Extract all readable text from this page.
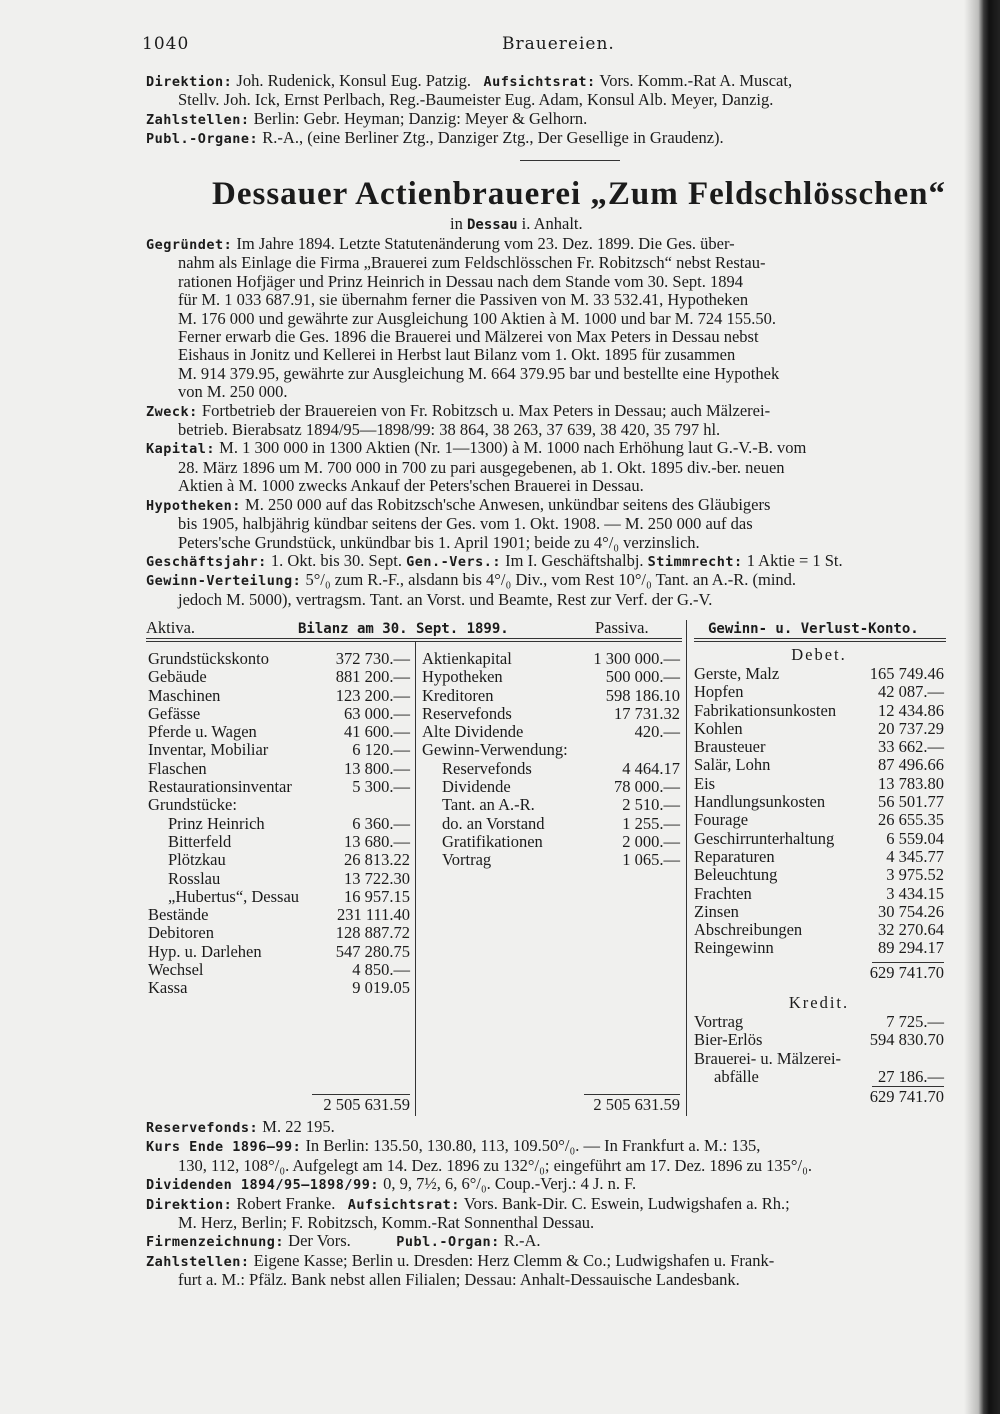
1040	Brauereien.

Direktion: Joh. Rudenick, Konsul Eug. Patzig. Aufsichtsrat: Vors. Komm.-Rat A. Muscat,

Stellv. Joh. Ick, Ernst Perlbach, Reg.-Baumeister Eug. Adam, Konsul Alb. Meyer, Danzig.

Zahlstellen: Berlin: Gebr. Heyman; Danzig: Meyer & Gelhorn.

Publ.-Organe: R.-A., (eine Berliner Ztg., Danziger Ztg., Der Gesellige in Graudenz).

Dessauer Actienbrauerei „Zum Feldschlösschen“
in Dessau i. Anhalt.

Gegründet: Im Jahre 1894. Letzte Statutenänderung vom 23. Dez. 1899. Die Ges. über-

nahm als Einlage die Firma „Brauerei zum Feldschlösschen Fr. Robitzsch“ nebst Restau-

rationen Hofjäger und Prinz Heinrich in Dessau nach dem Stande vom 30. Sept. 1894

für M. 1 033 687.91, sie übernahm ferner die Passiven von M. 33 532.41, Hypotheken

M. 176 000 und gewährte zur Ausgleichung 100 Aktien à M. 1000 und bar M. 724 155.50.

Ferner erwarb die Ges. 1896 die Brauerei und Mälzerei von Max Peters in Dessau nebst

Eishaus in Jonitz und Kellerei in Herbst laut Bilanz vom 1. Okt. 1895 für zusammen

M. 914 379.95, gewährte zur Ausgleichung M. 664 379.95 bar und bestellte eine Hypothek

von M. 250 000.

Zweck: Fortbetrieb der Brauereien von Fr. Robitzsch u. Max Peters in Dessau; auch Mälzerei-

betrieb. Bierabsatz 1894/95—1898/99: 38 864, 38 263, 37 639, 38 420, 35 797 hl.

Kapital: M. 1 300 000 in 1300 Aktien (Nr. 1—1300) à M. 1000 nach Erhöhung laut G.-V.-B. vom

28. März 1896 um M. 700 000 in 700 zu pari ausgegebenen, ab 1. Okt. 1895 div.-ber. neuen

Aktien à M. 1000 zwecks Ankauf der Peters'schen Brauerei in Dessau.

Hypotheken: M. 250 000 auf das Robitzsch'sche Anwesen, unkündbar seitens des Gläubigers

bis 1905, halbjährig kündbar seitens der Ges. vom 1. Okt. 1908. — M. 250 000 auf das

Peters'sche Grundstück, unkündbar bis 1. April 1901; beide zu 4°/₀ verzinslich.

Geschäftsjahr: 1. Okt. bis 30. Sept. Gen.-Vers.: Im I. Geschäftshalbj. Stimmrecht: 1 Aktie = 1 St.

Gewinn-Verteilung: 5°/₀ zum R.-F., alsdann bis 4°/₀ Div., vom Rest 10°/₀ Tant. an A.-R. (mind.

jedoch M. 5000), vertragsm. Tant. an Vorst. und Beamte, Rest zur Verf. der G.-V.

Aktiva.	Bilanz am 30. Sept. 1899.	Passiva.	Gewinn- u. Verlust-Konto.
Grundstückskonto	372 730.—
Gebäude	881 200.—
Maschinen	123 200.—
Gefässe	63 000.—
Pferde u. Wagen	41 600.—
Inventar, Mobiliar	6 120.—
Flaschen	13 800.—
Restaurationsinventar	5 300.—
Grundstücke:
Prinz Heinrich	6 360.—
Bitterfeld	13 680.—
Plötzkau	26 813.22
Rosslau	13 722.30
„Hubertus“, Dessau	16 957.15
Bestände	231 111.40
Debitoren	128 887.72
Hyp. u. Darlehen	547 280.75
Wechsel	4 850.—
Kassa	9 019.05
2 505 631.59
Aktienkapital	1 300 000.—
Hypotheken	500 000.—
Kreditoren	598 186.10
Reservefonds	17 731.32
Alte Dividende	420.—
Gewinn-Verwendung:
Reservefonds	4 464.17
Dividende	78 000.—
Tant. an A.-R.	2 510.—
do. an Vorstand	1 255.—
Gratifikationen	2 000.—
Vortrag	1 065.—
2 505 631.59
Debet.
Gerste, Malz	165 749.46
Hopfen	42 087.—
Fabrikationsunkosten	12 434.86
Kohlen	20 737.29
Brausteuer	33 662.—
Salär, Lohn	87 496.66
Eis	13 783.80
Handlungsunkosten	56 501.77
Fourage	26 655.35
Geschirrunterhaltung	6 559.04
Reparaturen	4 345.77
Beleuchtung	3 975.52
Frachten	3 434.15
Zinsen	30 754.26
Abschreibungen	32 270.64
Reingewinn	89 294.17
629 741.70
Kredit.
Vortrag	7 725.—
Bier-Erlös	594 830.70
Brauerei- u. Mälzerei-
abfälle	27 186.—
629 741.70

Reservefonds: M. 22 195.

Kurs Ende 1896—99: In Berlin: 135.50, 130.80, 113, 109.50°/₀. — In Frankfurt a. M.: 135,

130, 112, 108°/₀. Aufgelegt am 14. Dez. 1896 zu 132°/₀; eingeführt am 17. Dez. 1896 zu 135°/₀.

Dividenden 1894/95—1898/99: 0, 9, 7½, 6, 6°/₀. Coup.-Verj.: 4 J. n. F.

Direktion: Robert Franke.   Aufsichtsrat: Vors. Bank-Dir. C. Eswein, Ludwigshafen a. Rh.;

M. Herz, Berlin; F. Robitzsch, Komm.-Rat Sonnenthal Dessau.

Firmenzeichnung: Der Vors.	Publ.-Organ: R.-A.

Zahlstellen: Eigene Kasse; Berlin u. Dresden: Herz Clemm & Co.; Ludwigshafen u. Frank-

furt a. M.: Pfälz. Bank nebst allen Filialen; Dessau: Anhalt-Dessauische Landesbank.
